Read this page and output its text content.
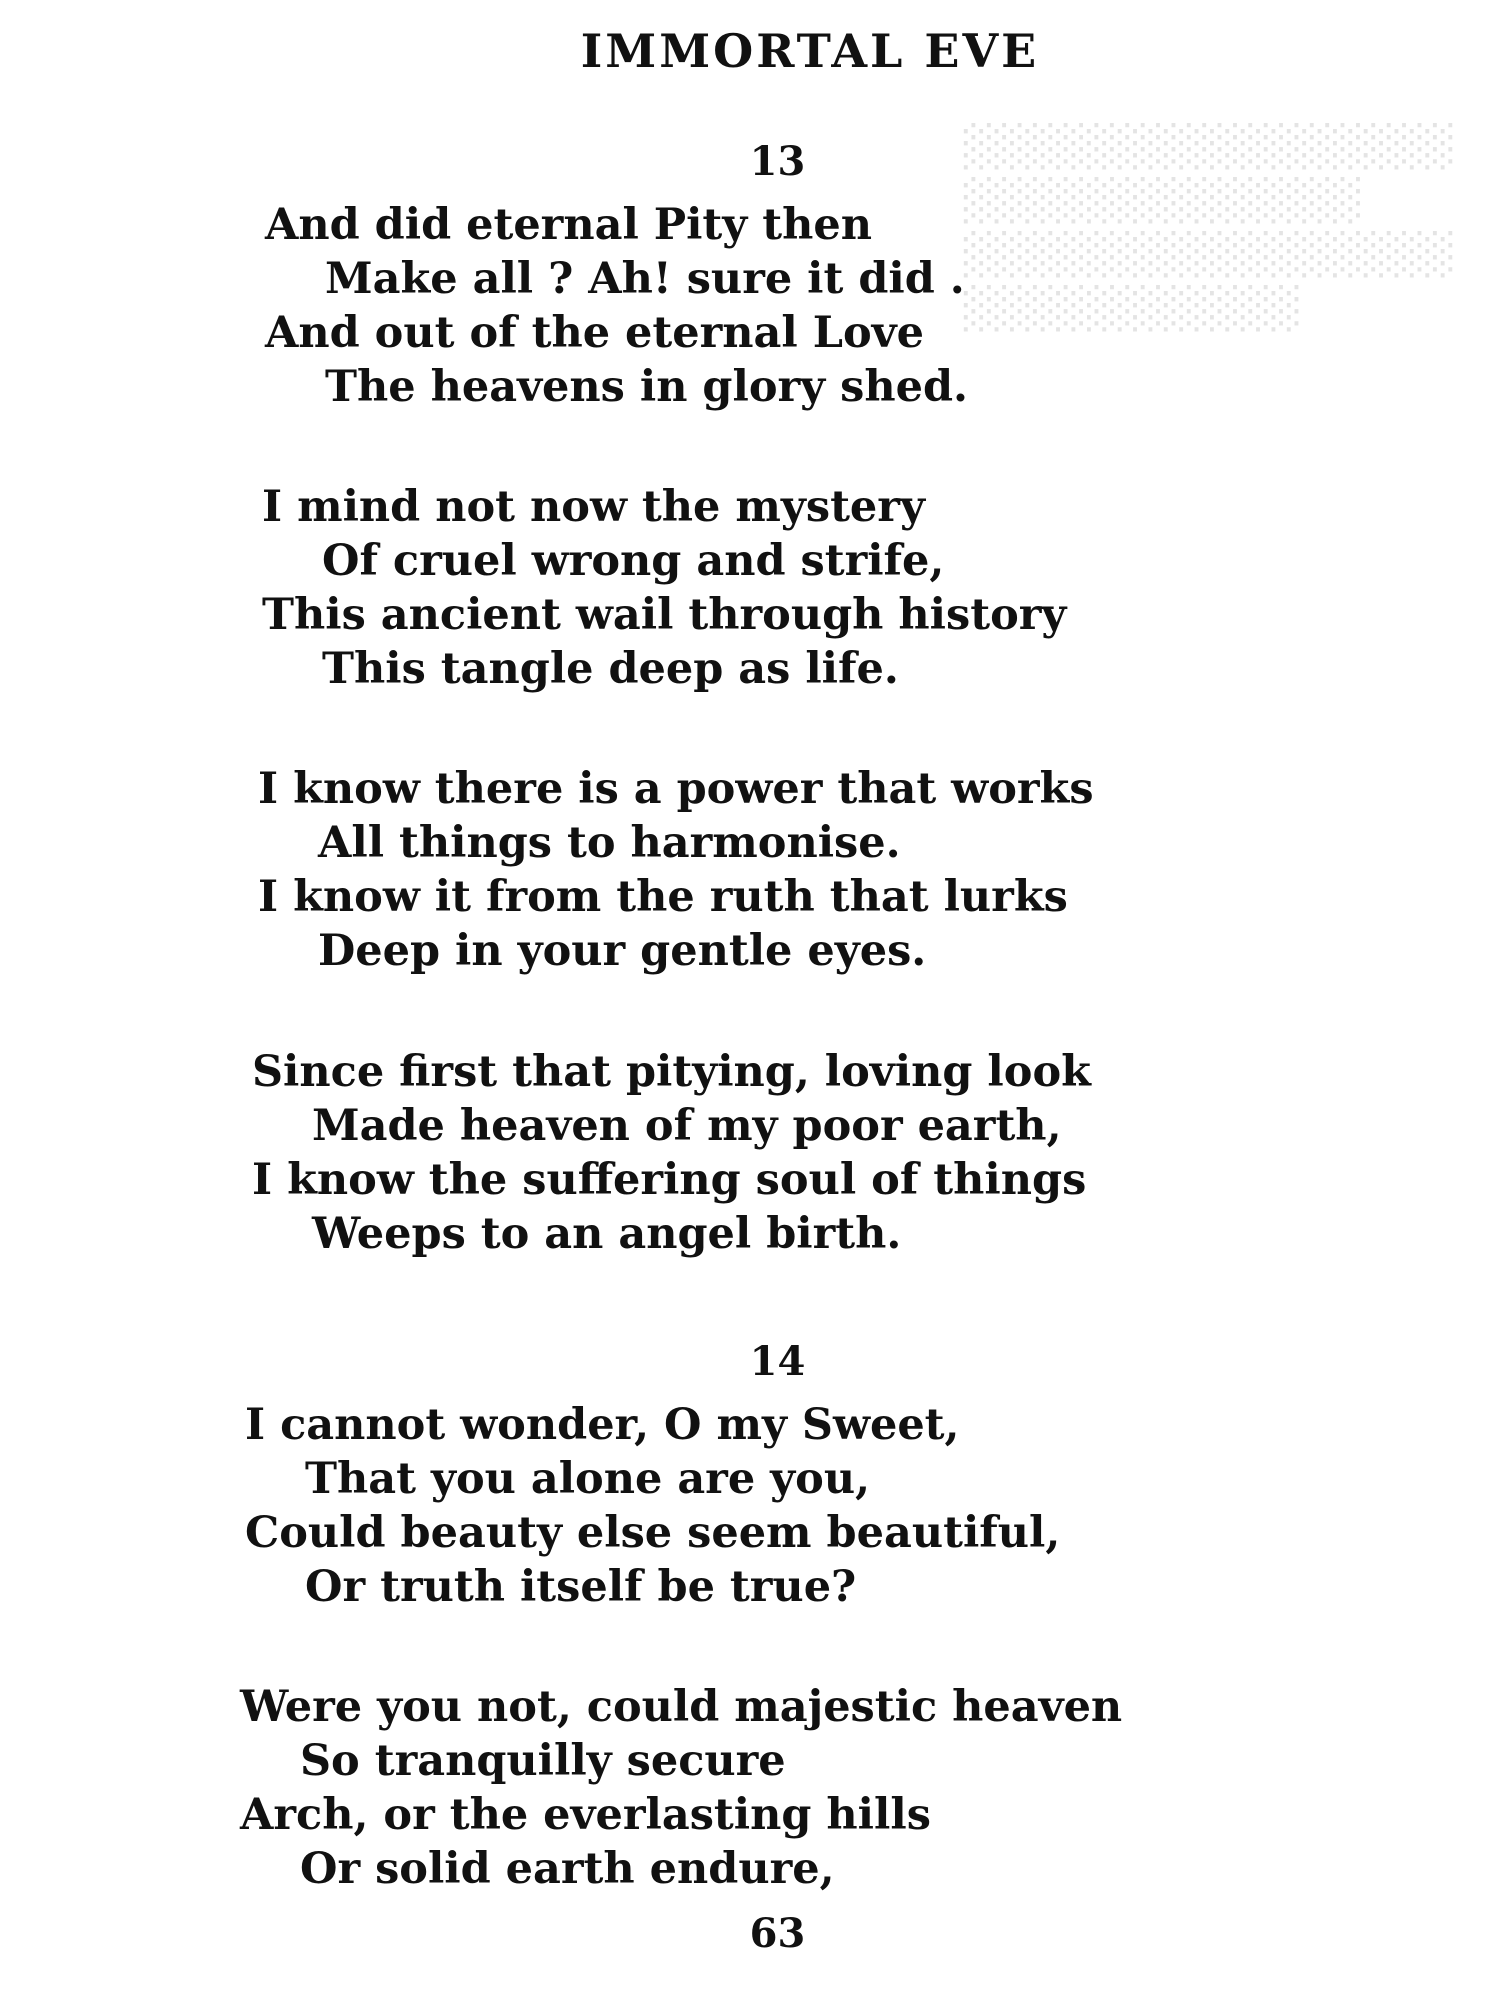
░░░░░░░░░░░░░░░░
░░░░░░░░░░░░░
░░░░░░░░░░░░░░░░
░░░░░░░░░░░
IMMORTAL EVE
13
And did eternal Pity then
Make all ? Ah! sure it did .
And out of the eternal Love
The heavens in glory shed.
I mind not now the mystery
Of cruel wrong and strife,
This ancient wail through history
This tangle deep as life.
I know there is a power that works
All things to harmonise.
I know it from the ruth that lurks
Deep in your gentle eyes.
Since first that pitying, loving look
Made heaven of my poor earth,
I know the suffering soul of things
Weeps to an angel birth.
14
I cannot wonder, O my Sweet,
That you alone are you,
Could beauty else seem beautiful,
Or truth itself be true?
Were you not, could majestic heaven
So tranquilly secure
Arch, or the everlasting hills
Or solid earth endure,
63
